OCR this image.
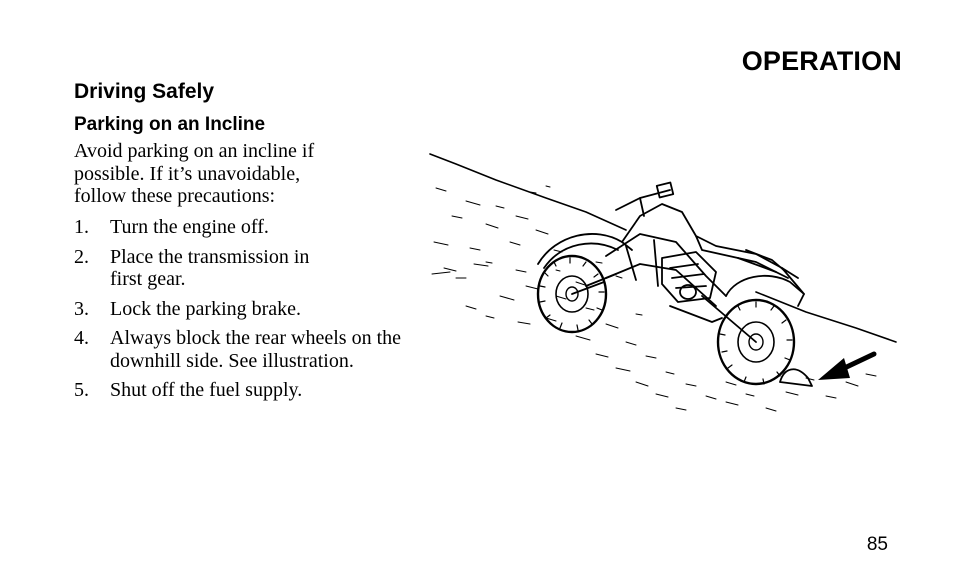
OPERATION
Driving Safely
Parking on an Incline

Avoid parking on an incline if
possible. If it’s unavoidable,
follow these precautions:

1.	Turn the engine off.
2.	Place the transmission in
first gear.
3.	Lock the parking brake.
4.	Always block the rear wheels on the
downhill side. See illustration.
5.	Shut off the fuel supply.
85
